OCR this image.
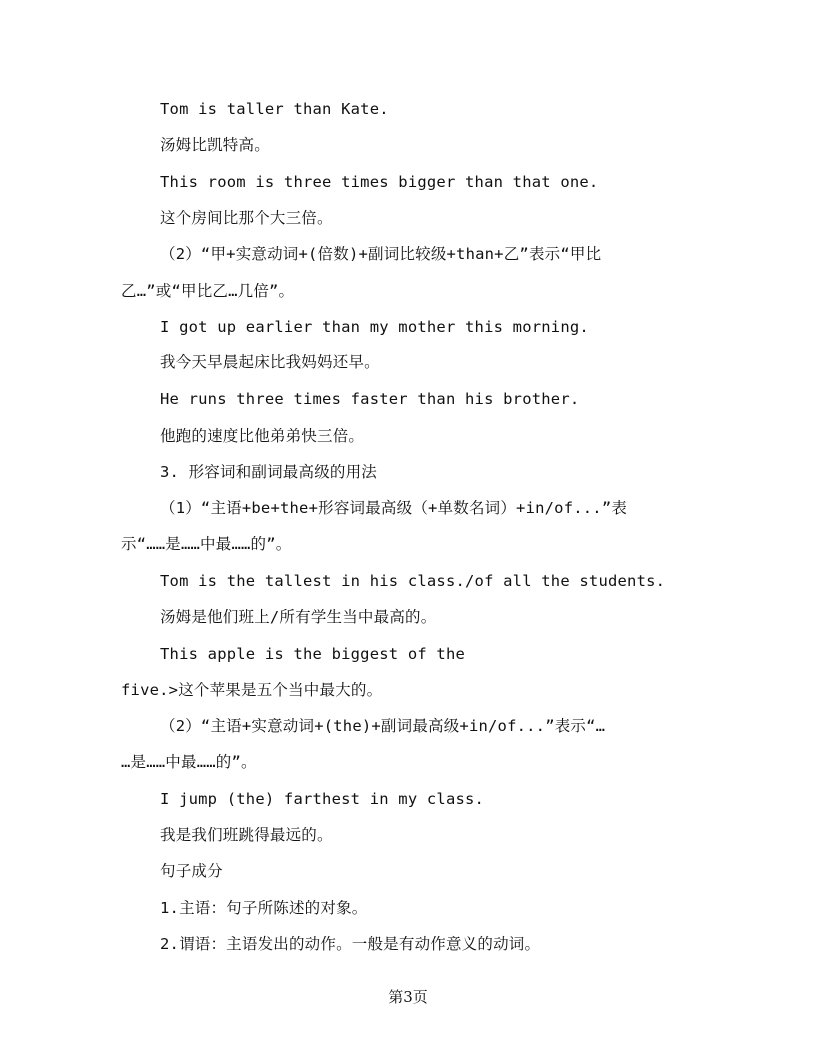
Tom is taller than Kate.
汤姆比凯特高。
This room is three times bigger than that one.
这个房间比那个大三倍。
（2）“甲+实意动词+(倍数)+副词比较级+than+乙”表示“甲比
乙…”或“甲比乙…几倍”。
I got up earlier than my mother this morning.
我今天早晨起床比我妈妈还早。
He runs three times faster than his brother.
他跑的速度比他弟弟快三倍。
3. 形容词和副词最高级的用法
（1）“主语+be+the+形容词最高级（+单数名词）+in/of...”表
示“……是……中最……的”。
Tom is the tallest in his class./of all the students.
汤姆是他们班上/所有学生当中最高的。
This apple is the biggest of the
five.>这个苹果是五个当中最大的。
（2）“主语+实意动词+(the)+副词最高级+in/of...”表示“…
…是……中最……的”。
I jump (the) farthest in my class.
我是我们班跳得最远的。
句子成分
1.主语：句子所陈述的对象。
2.谓语：主语发出的动作。一般是有动作意义的动词。
第3页
